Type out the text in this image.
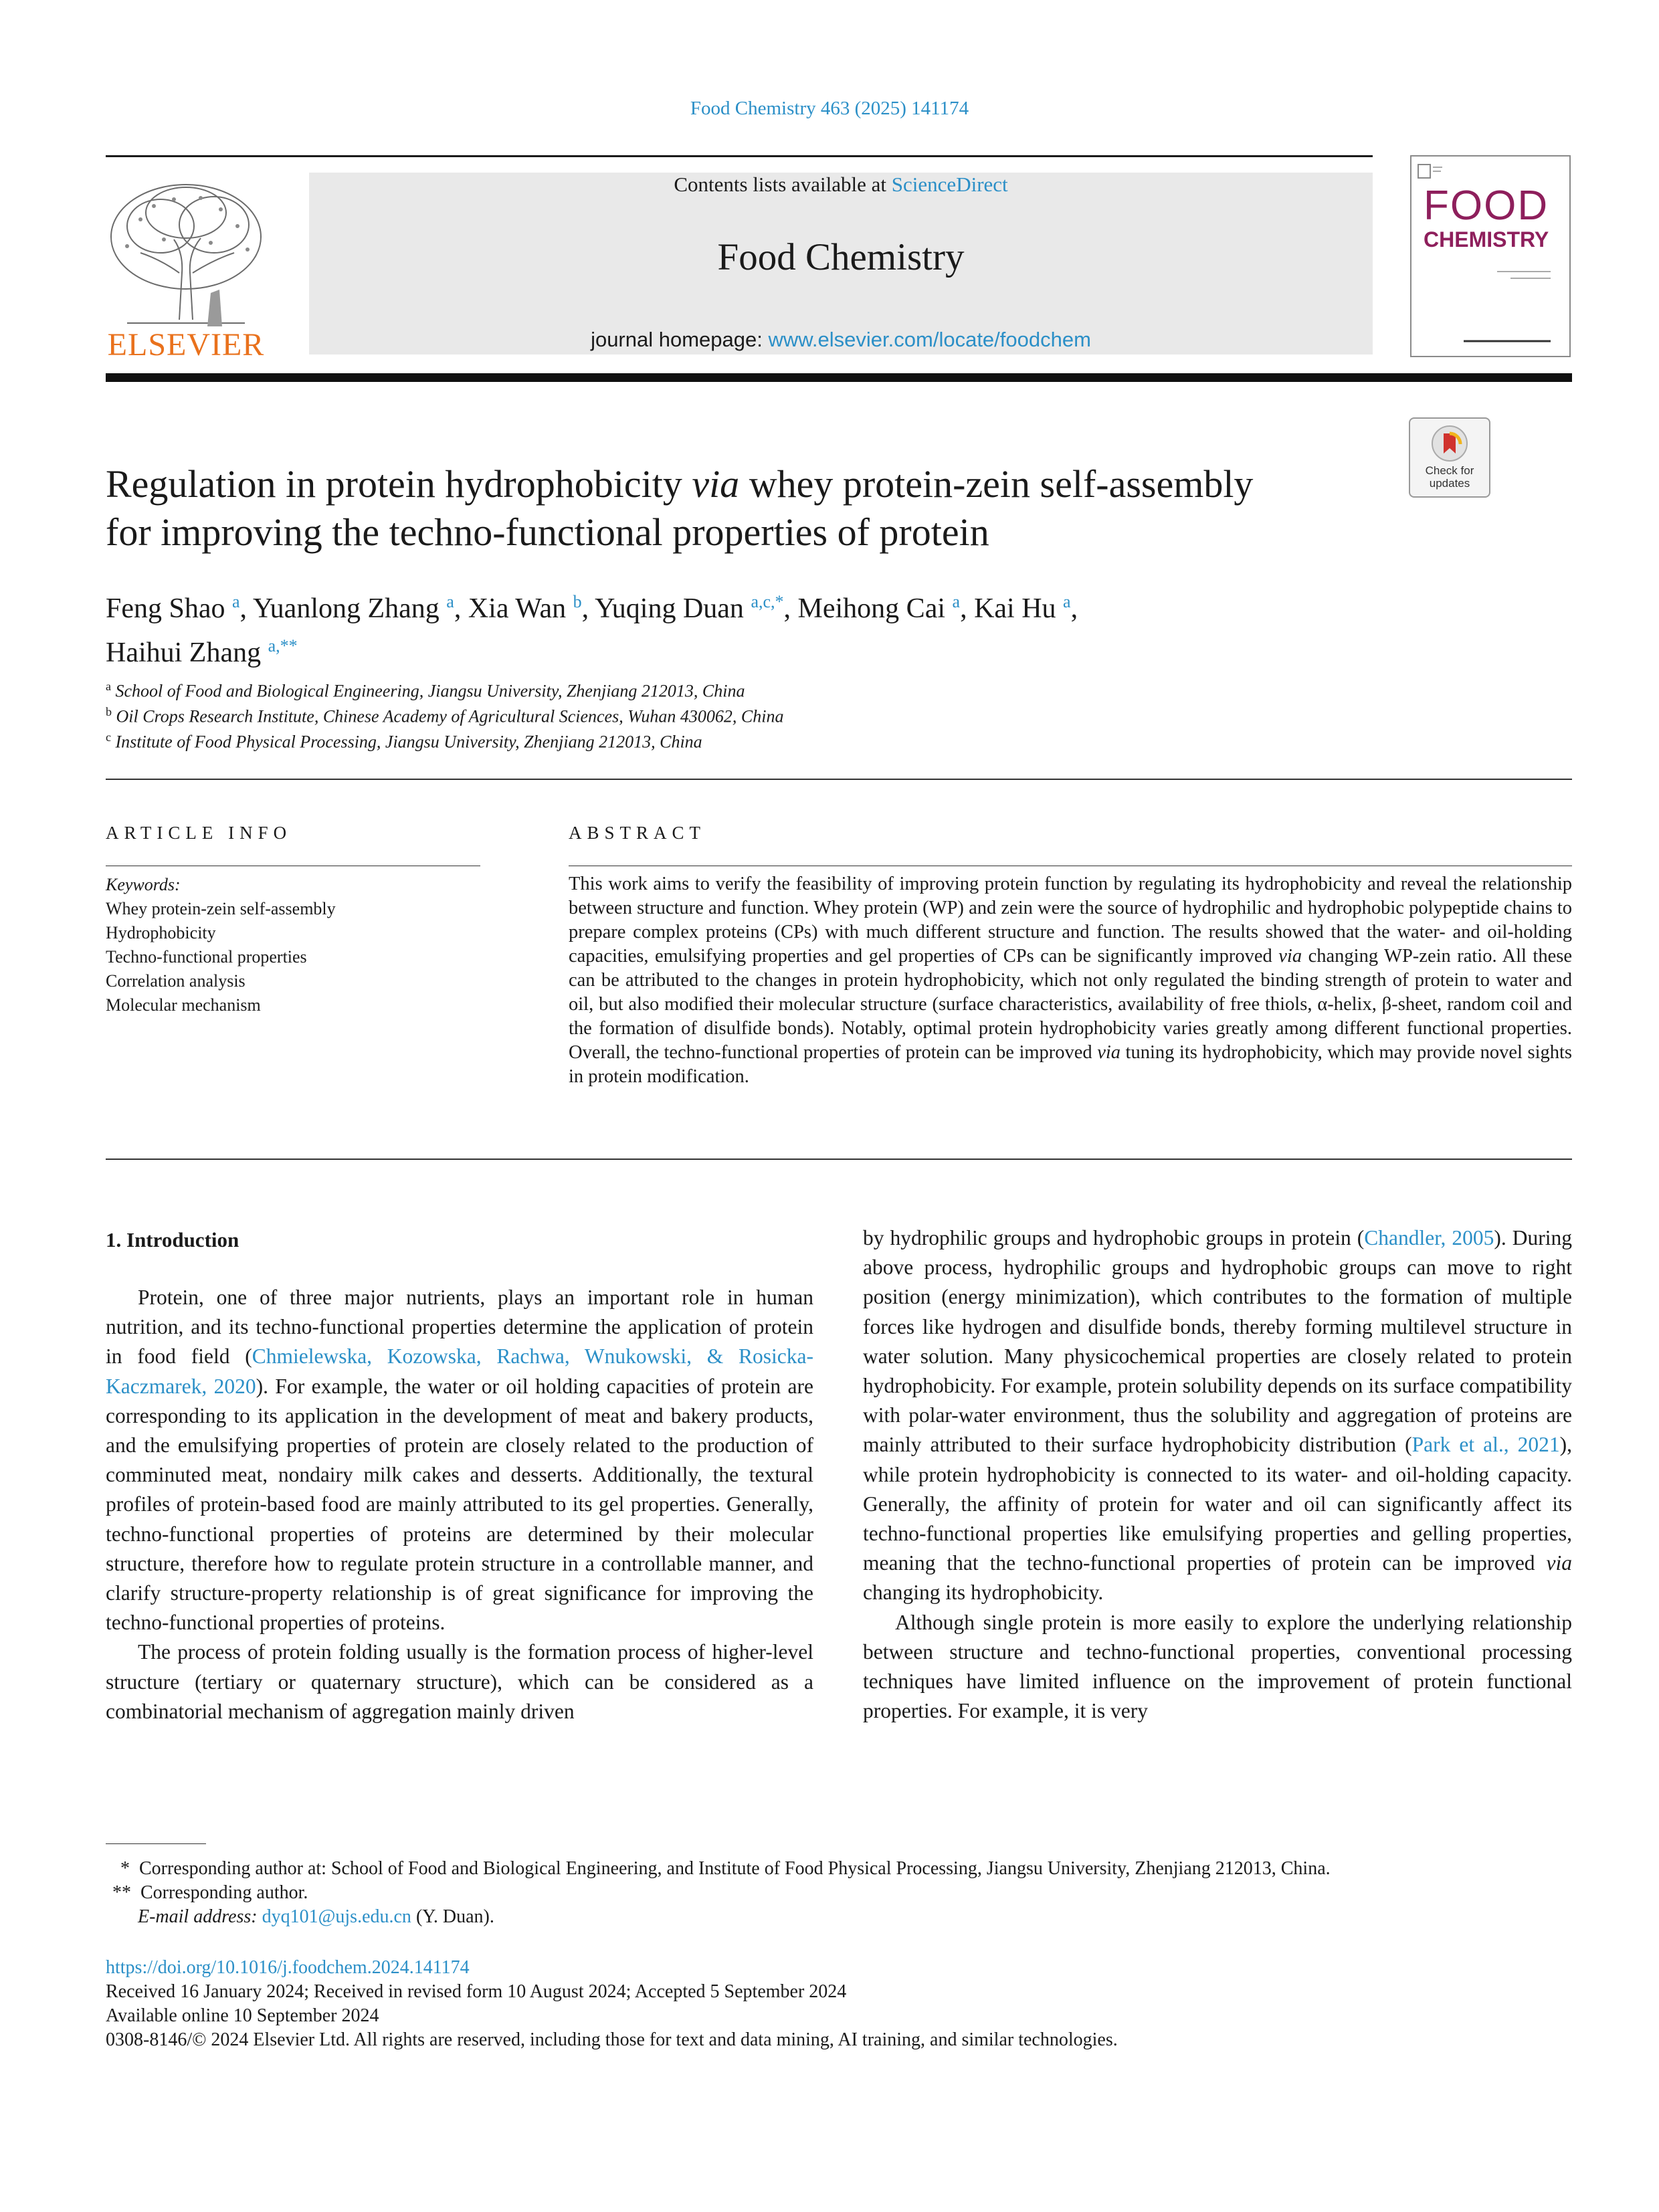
Food Chemistry 463 (2025) 141174
ELSEVIER
Contents lists available at ScienceDirect
Food Chemistry
journal homepage: www.elsevier.com/locate/foodchem
FOOD
CHEMISTRY
Check for updates
Regulation in protein hydrophobicity via whey protein-zein self-assembly
for improving the techno-functional properties of protein
Feng Shao $^a$, Yuanlong Zhang $^a$, Xia Wan $^b$, Yuqing Duan $^{a,c,*}$, Meihong Cai $^a$, Kai Hu $^a$,
Haihui Zhang $^{a,**}$
$^a$ School of Food and Biological Engineering, Jiangsu University, Zhenjiang 212013, China
$^b$ Oil Crops Research Institute, Chinese Academy of Agricultural Sciences, Wuhan 430062, China
$^c$ Institute of Food Physical Processing, Jiangsu University, Zhenjiang 212013, China
ARTICLE INFO
Keywords:
Whey protein-zein self-assembly
Hydrophobicity
Techno-functional properties
Correlation analysis
Molecular mechanism
ABSTRACT
This work aims to verify the feasibility of improving protein function by regulating its hydrophobicity and reveal the relationship between structure and function. Whey protein (WP) and zein were the source of hydrophilic and hydrophobic polypeptide chains to prepare complex proteins (CPs) with much different structure and function. The results showed that the water- and oil-holding capacities, emulsifying properties and gel properties of CPs can be significantly improved via changing WP-zein ratio. All these can be attributed to the changes in protein hydrophobicity, which not only regulated the binding strength of protein to water and oil, but also modified their molecular structure (surface characteristics, availability of free thiols, α-helix, β-sheet, random coil and the formation of disulfide bonds). Notably, optimal protein hydrophobicity varies greatly among different functional properties. Overall, the techno-functional properties of protein can be improved via tuning its hydrophobicity, which may provide novel sights in protein modification.
1. Introduction
Protein, one of three major nutrients, plays an important role in human nutrition, and its techno-functional properties determine the application of protein in food field (Chmielewska, Kozowska, Rachwa, Wnukowski, & Rosicka-Kaczmarek, 2020). For example, the water or oil holding capacities of protein are corresponding to its application in the development of meat and bakery products, and the emulsifying properties of protein are closely related to the production of comminuted meat, nondairy milk cakes and desserts. Additionally, the textural profiles of protein-based food are mainly attributed to its gel properties. Generally, techno-functional properties of proteins are determined by their molecular structure, therefore how to regulate protein structure in a controllable manner, and clarify structure-property relationship is of great significance for improving the techno-functional properties of proteins.
The process of protein folding usually is the formation process of higher-level structure (tertiary or quaternary structure), which can be considered as a combinatorial mechanism of aggregation mainly driven
by hydrophilic groups and hydrophobic groups in protein (Chandler, 2005). During above process, hydrophilic groups and hydrophobic groups can move to right position (energy minimization), which contributes to the formation of multiple forces like hydrogen and disulfide bonds, thereby forming multilevel structure in water solution. Many physicochemical properties are closely related to protein hydrophobicity. For example, protein solubility depends on its surface compatibility with polar-water environment, thus the solubility and aggregation of proteins are mainly attributed to their surface hydrophobicity distribution (Park et al., 2021), while protein hydrophobicity is connected to its water- and oil-holding capacity. Generally, the affinity of protein for water and oil can significantly affect its techno-functional properties like emulsifying properties and gelling properties, meaning that the techno-functional properties of protein can be improved via changing its hydrophobicity.
Although single protein is more easily to explore the underlying relationship between structure and techno-functional properties, conventional processing techniques have limited influence on the improvement of protein functional properties. For example, it is very
* Corresponding author at: School of Food and Biological Engineering, and Institute of Food Physical Processing, Jiangsu University, Zhenjiang 212013, China.
** Corresponding author.
E-mail address: dyq101@ujs.edu.cn (Y. Duan).
https://doi.org/10.1016/j.foodchem.2024.141174
Received 16 January 2024; Received in revised form 10 August 2024; Accepted 5 September 2024
Available online 10 September 2024
0308-8146/© 2024 Elsevier Ltd. All rights are reserved, including those for text and data mining, AI training, and similar technologies.
